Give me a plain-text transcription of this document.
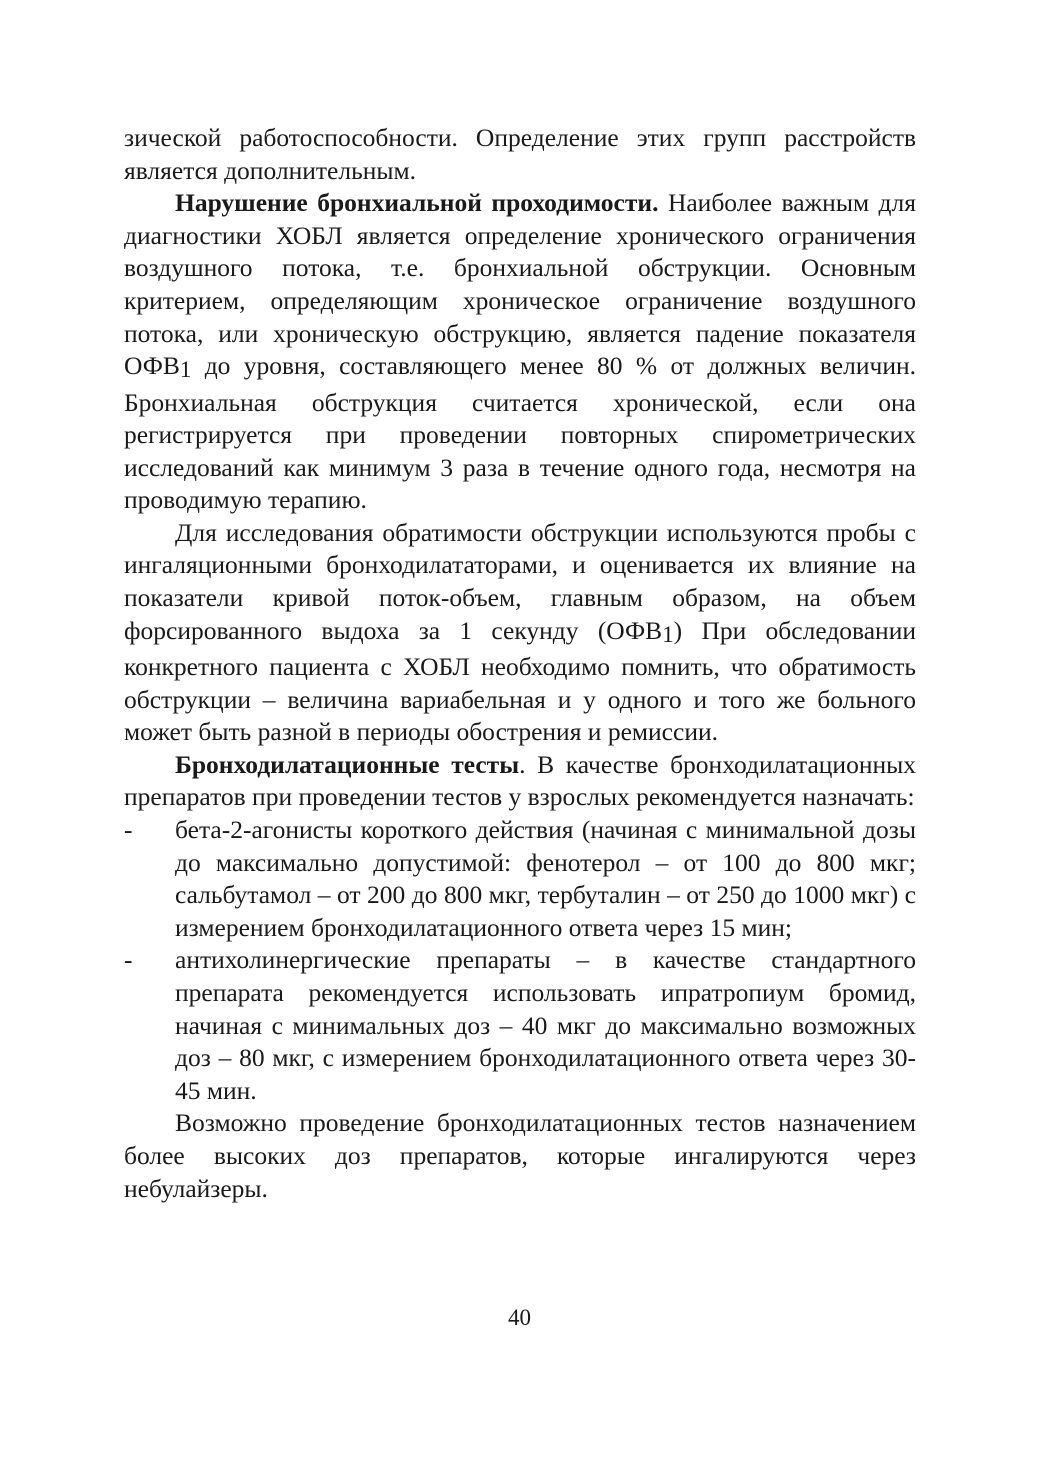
зической работоспособности. Определение этих групп расстройств является дополнительным.

Нарушение бронхиальной проходимости. Наиболее важным для диагностики ХОБЛ является определение хронического ограничения воздушного потока, т.е. бронхиальной обструкции. Основным критерием, определяющим хроническое ограничение воздушного потока, или хроническую обструкцию, является падение показателя ОФВ1 до уровня, составляющего менее 80 % от должных величин. Бронхиальная обструкция считается хронической, если она регистрируется при проведении повторных спирометрических исследований как минимум 3 раза в течение одного года, несмотря на проводимую терапию.

Для исследования обратимости обструкции используются пробы с ингаляционными бронходилататорами, и оценивается их влияние на показатели кривой поток-объем, главным образом, на объем форсированного выдоха за 1 секунду (ОФВ1) При обследовании конкретного пациента с ХОБЛ необходимо помнить, что обратимость обструкции – величина вариабельная и у одного и того же больного может быть разной в периоды обострения и ремиссии.

Бронходилатационные тесты. В качестве бронходилатационных препаратов при проведении тестов у взрослых рекомендуется назначать:

- бета-2-агонисты короткого действия (начиная с минимальной дозы до максимально допустимой: фенотерол – от 100 до 800 мкг; сальбутамол – от 200 до 800 мкг, тербуталин – от 250 до 1000 мкг) с измерением бронходилатационного ответа через 15 мин;
- антихолинергические препараты – в качестве стандартного препарата рекомендуется использовать ипратропиум бромид, начиная с минимальных доз – 40 мкг до максимально возможных доз – 80 мкг, с измерением бронходилатационного ответа через 30-45 мин.

Возможно проведение бронходилатационных тестов назначением более высоких доз препаратов, которые ингалируются через небулайзеры.

40
